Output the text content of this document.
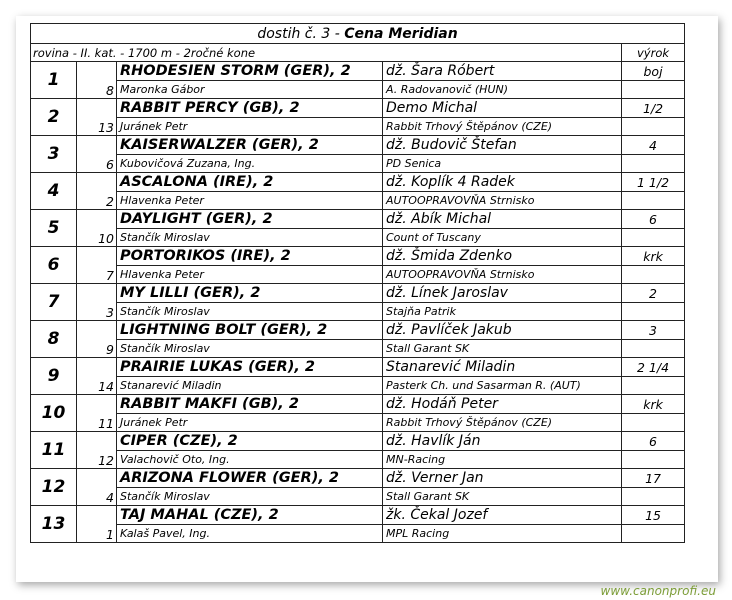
dostih č. 3 - Cena Meridian				
rovina - II. kat. - 1700 m - 2ročné kone				výrok
1	8	RHODESIEN STORM (GER), 2	dž. Šara Róbert	boj
		Maronka Gábor	A. Radovanovič (HUN)	
2	13	RABBIT PERCY (GB), 2	Demo Michal	1/2
		Juránek Petr	Rabbit Trhový Štěpánov (CZE)	
3	6	KAISERWALZER (GER), 2	dž. Budovič Štefan	4
		Kubovičová Zuzana, Ing.	PD Senica	
4	2	ASCALONA (IRE), 2	dž. Koplík 4 Radek	1 1/2
		Hlavenka Peter	AUTOOPRAVOVŇA Strnisko	
5	10	DAYLIGHT (GER), 2	dž. Abík Michal	6
		Stančík Miroslav	Count of Tuscany	
6	7	PORTORIKOS (IRE), 2	dž. Šmida Zdenko	krk
		Hlavenka Peter	AUTOOPRAVOVŇA Strnisko	
7	3	MY LILLI (GER), 2	dž. Línek Jaroslav	2
		Stančík Miroslav	Stajňa Patrik	
8	9	LIGHTNING BOLT (GER), 2	dž. Pavlíček Jakub	3
		Stančík Miroslav	Stall Garant SK	
9	14	PRAIRIE LUKAS (GER), 2	Stanarević Miladin	2 1/4
		Stanarević Miladin	Pasterk Ch. und Sasarman R. (AUT)	
10	11	RABBIT MAKFI (GB), 2	dž. Hodáň Peter	krk
		Juránek Petr	Rabbit Trhový Štěpánov (CZE)	
11	12	CIPER (CZE), 2	dž. Havlík Ján	6
		Valachovič Oto, Ing.	MN-Racing	
12	4	ARIZONA FLOWER (GER), 2	dž. Verner Jan	17
		Stančík Miroslav	Stall Garant SK	
13	1	TAJ MAHAL (CZE), 2	žk. Čekal Jozef	15
		Kalaš Pavel, Ing.	MPL Racing	
www.canonprofi.eu
